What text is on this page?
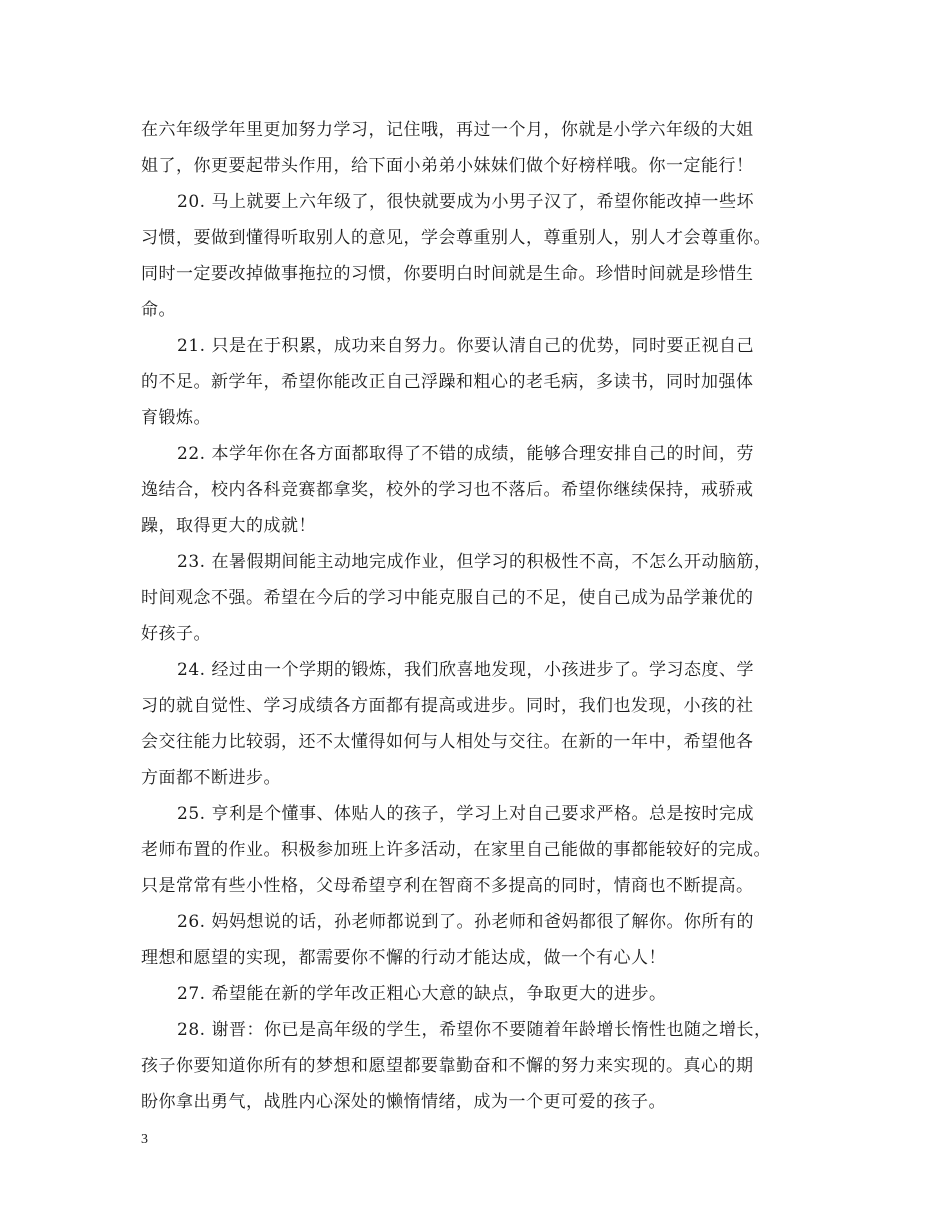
在六年级学年里更加努力学习，记住哦，再过一个月，你就是小学六年级的大姐
姐了，你更要起带头作用，给下面小弟弟小妹妹们做个好榜样哦。你一定能行！
20. 马上就要上六年级了，很快就要成为小男子汉了，希望你能改掉一些坏
习惯，要做到懂得听取别人的意见，学会尊重别人，尊重别人，别人才会尊重你。
同时一定要改掉做事拖拉的习惯，你要明白时间就是生命。珍惜时间就是珍惜生
命。
21. 只是在于积累，成功来自努力。你要认清自己的优势，同时要正视自己
的不足。新学年，希望你能改正自己浮躁和粗心的老毛病，多读书，同时加强体
育锻炼。
22. 本学年你在各方面都取得了不错的成绩，能够合理安排自己的时间，劳
逸结合，校内各科竞赛都拿奖，校外的学习也不落后。希望你继续保持，戒骄戒
躁，取得更大的成就！
23. 在暑假期间能主动地完成作业，但学习的积极性不高，不怎么开动脑筋，
时间观念不强。希望在今后的学习中能克服自己的不足，使自己成为品学兼优的
好孩子。
24. 经过由一个学期的锻炼，我们欣喜地发现，小孩进步了。学习态度、学
习的就自觉性、学习成绩各方面都有提高或进步。同时，我们也发现，小孩的社
会交往能力比较弱，还不太懂得如何与人相处与交往。在新的一年中，希望他各
方面都不断进步。
25. 亨利是个懂事、体贴人的孩子，学习上对自己要求严格。总是按时完成
老师布置的作业。积极参加班上许多活动，在家里自己能做的事都能较好的完成。
只是常常有些小性格，父母希望亨利在智商不多提高的同时，情商也不断提高。
26. 妈妈想说的话，孙老师都说到了。孙老师和爸妈都很了解你。你所有的
理想和愿望的实现，都需要你不懈的行动才能达成，做一个有心人！
27. 希望能在新的学年改正粗心大意的缺点，争取更大的进步。
28. 谢晋：你已是高年级的学生，希望你不要随着年龄增长惰性也随之增长，
孩子你要知道你所有的梦想和愿望都要靠勤奋和不懈的努力来实现的。真心的期
盼你拿出勇气，战胜内心深处的懒惰情绪，成为一个更可爱的孩子。
3
